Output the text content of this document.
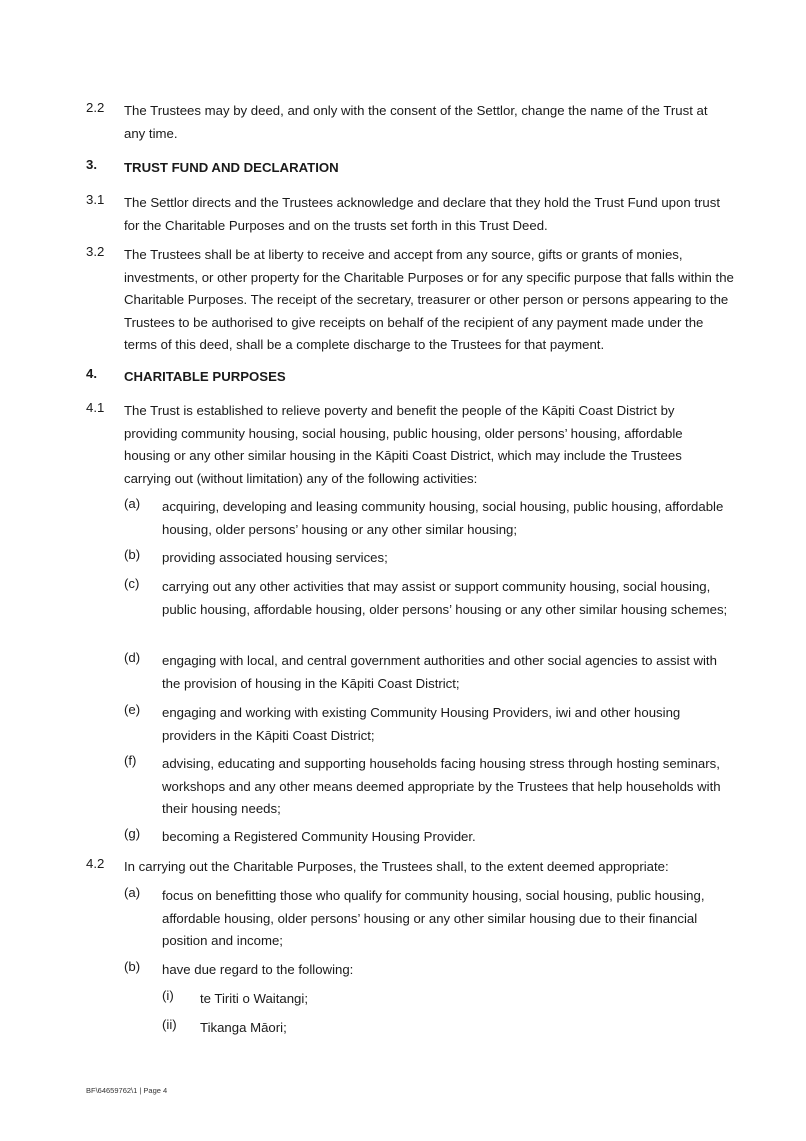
2.2 The Trustees may by deed, and only with the consent of the Settlor, change the name of the Trust at any time.
3. TRUST FUND AND DECLARATION
3.1 The Settlor directs and the Trustees acknowledge and declare that they hold the Trust Fund upon trust for the Charitable Purposes and on the trusts set forth in this Trust Deed.
3.2 The Trustees shall be at liberty to receive and accept from any source, gifts or grants of monies, investments, or other property for the Charitable Purposes or for any specific purpose that falls within the Charitable Purposes. The receipt of the secretary, treasurer or other person or persons appearing to the Trustees to be authorised to give receipts on behalf of the recipient of any payment made under the terms of this deed, shall be a complete discharge to the Trustees for that payment.
4. CHARITABLE PURPOSES
4.1 The Trust is established to relieve poverty and benefit the people of the Kāpiti Coast District by providing community housing, social housing, public housing, older persons’ housing, affordable housing or any other similar housing in the Kāpiti Coast District, which may include the Trustees carrying out (without limitation) any of the following activities:
(a) acquiring, developing and leasing community housing, social housing, public housing, affordable housing, older persons’ housing or any other similar housing;
(b) providing associated housing services;
(c) carrying out any other activities that may assist or support community housing, social housing, public housing, affordable housing, older persons’ housing or any other similar housing schemes;
(d) engaging with local, and central government authorities and other social agencies to assist with the provision of housing in the Kāpiti Coast District;
(e) engaging and working with existing Community Housing Providers, iwi and other housing providers in the Kāpiti Coast District;
(f) advising, educating and supporting households facing housing stress through hosting seminars, workshops and any other means deemed appropriate by the Trustees that help households with their housing needs;
(g) becoming a Registered Community Housing Provider.
4.2 In carrying out the Charitable Purposes, the Trustees shall, to the extent deemed appropriate:
(a) focus on benefitting those who qualify for community housing, social housing, public housing, affordable housing, older persons’ housing or any other similar housing due to their financial position and income;
(b) have due regard to the following:
(i) te Tiriti o Waitangi;
(ii) Tikanga Māori;
BF\64659762\1 | Page 4
